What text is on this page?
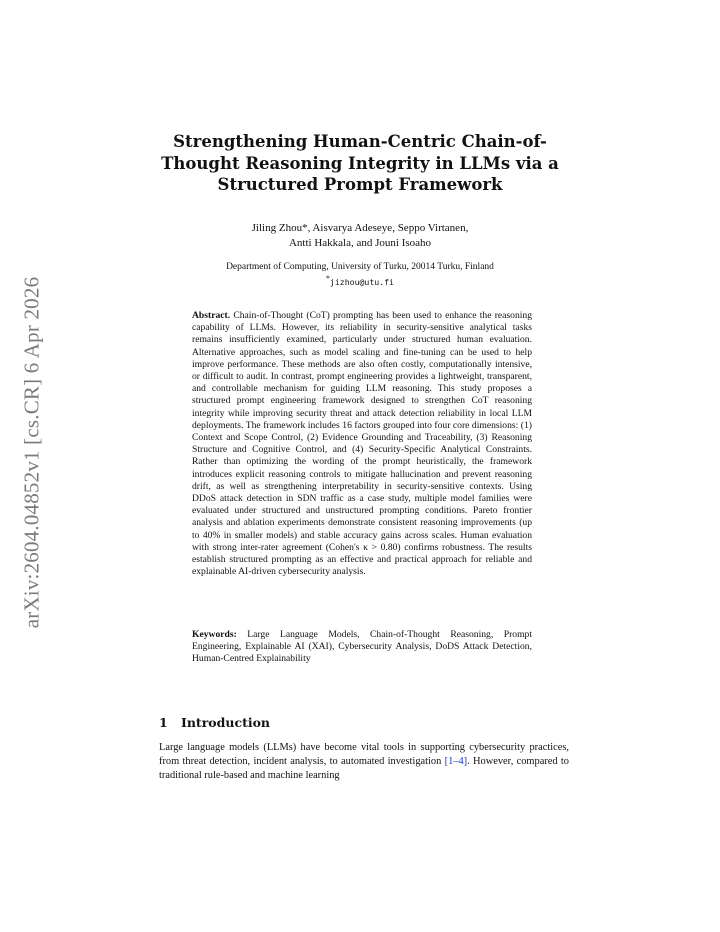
arXiv:2604.04852v1 [cs.CR] 6 Apr 2026
Strengthening Human-Centric Chain-of-Thought Reasoning Integrity in LLMs via a Structured Prompt Framework
Jiling Zhou*, Aisvarya Adeseye, Seppo Virtanen,
Antti Hakkala, and Jouni Isoaho
Department of Computing, University of Turku, 20014 Turku, Finland
*jizhou@utu.fi
Abstract. Chain-of-Thought (CoT) prompting has been used to enhance the reasoning capability of LLMs. However, its reliability in security-sensitive analytical tasks remains insufficiently examined, particularly under structured human evaluation. Alternative approaches, such as model scaling and fine-tuning can be used to help improve performance. These methods are also often costly, computationally intensive, or difficult to audit. In contrast, prompt engineering provides a lightweight, transparent, and controllable mechanism for guiding LLM reasoning. This study proposes a structured prompt engineering framework designed to strengthen CoT reasoning integrity while improving security threat and attack detection reliability in local LLM deployments. The framework includes 16 factors grouped into four core dimensions: (1) Context and Scope Control, (2) Evidence Grounding and Traceability, (3) Reasoning Structure and Cognitive Control, and (4) Security-Specific Analytical Constraints. Rather than optimizing the wording of the prompt heuristically, the framework introduces explicit reasoning controls to mitigate hallucination and prevent reasoning drift, as well as strengthening interpretability in security-sensitive contexts. Using DDoS attack detection in SDN traffic as a case study, multiple model families were evaluated under structured and unstructured prompting conditions. Pareto frontier analysis and ablation experiments demonstrate consistent reasoning improvements (up to 40% in smaller models) and stable accuracy gains across scales. Human evaluation with strong inter-rater agreement (Cohen's κ > 0.80) confirms robustness. The results establish structured prompting as an effective and practical approach for reliable and explainable AI-driven cybersecurity analysis.
Keywords: Large Language Models, Chain-of-Thought Reasoning, Prompt Engineering, Explainable AI (XAI), Cybersecurity Analysis, DoDS Attack Detection, Human-Centred Explainability
1 Introduction
Large language models (LLMs) have become vital tools in supporting cybersecurity practices, from threat detection, incident analysis, to automated investigation [1–4]. However, compared to traditional rule-based and machine learning
